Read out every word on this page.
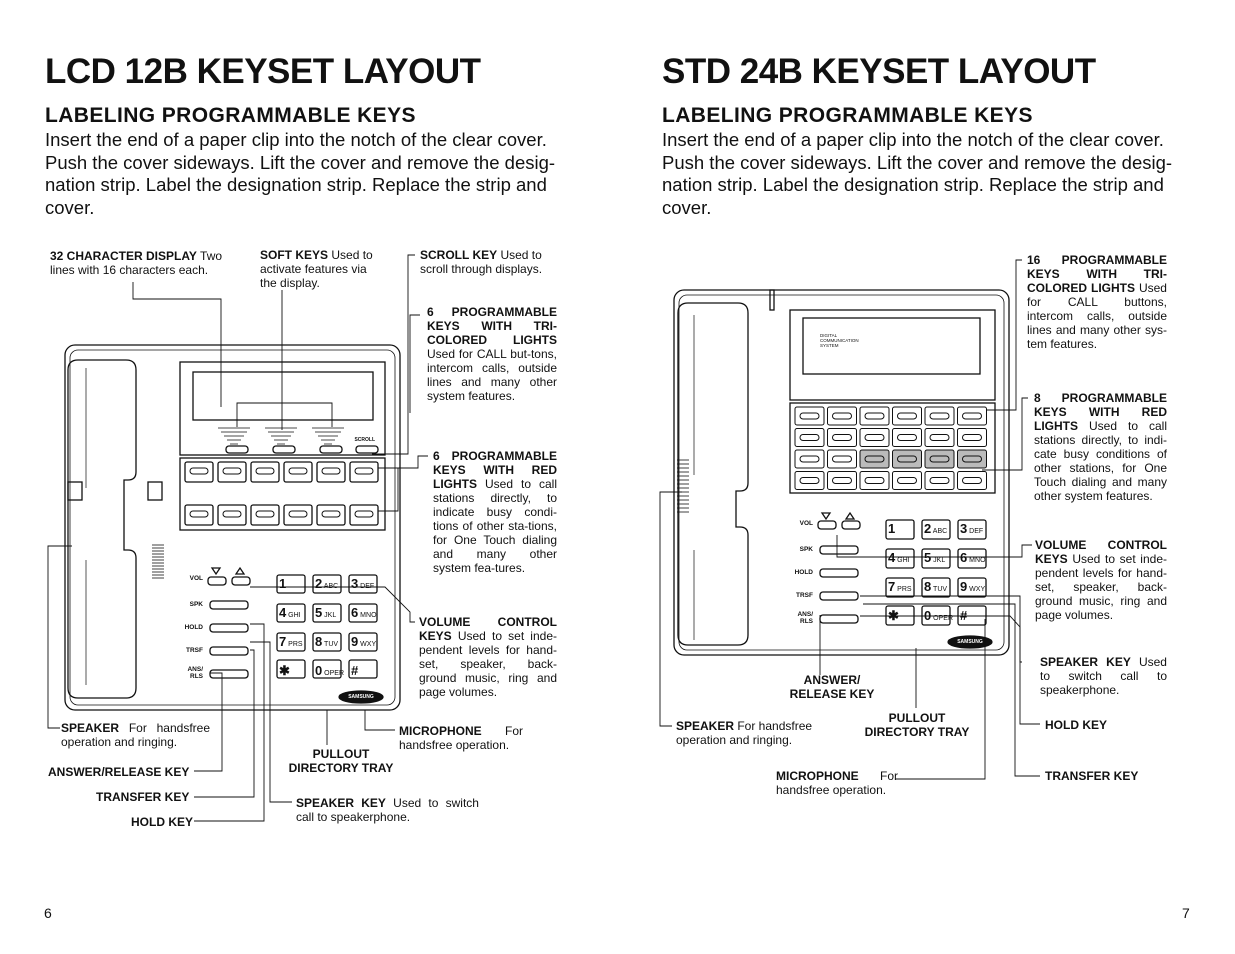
LCD 12B KEYSET LAYOUT
LABELING PROGRAMMABLE KEYS

Insert the end of a paper clip into the notch of the clear cover. Push the cover sideways. Lift the cover and remove the desig-nation strip. Label the designation strip. Replace the strip and cover.

VOL
SPK
HOLD
TRSF
ANS/ RLS
SCROLL
SAMSUNG
1 2 ABC 3 DEF
4 GHI 5 JKL 6 MNO
7 PRS 8 TUV 9 WXY
✱ 0 OPER #
32 CHARACTER DISPLAY Two lines with 16 characters each.
SOFT KEYS Used to activate features via the display.
SCROLL KEY Used to scroll through displays.
6 PROGRAMMABLE KEYS WITH TRI-COLORED LIGHTS Used for CALL but-tons, intercom calls, outside lines and many other system features.
6 PROGRAMMABLE KEYS WITH RED LIGHTS Used to call stations directly, to indicate busy condi-tions of other sta-tions, for One Touch dialing and many other system fea-tures.
VOLUME CONTROL KEYS Used to set inde-pendent levels for hand-set, speaker, back-ground music, ring and page volumes.
SPEAKER For handsfree operation and ringing.
MICROPHONE For handsfree operation.
PULLOUT DIRECTORY TRAY
SPEAKER KEY Used to switch call to speakerphone.
ANSWER/RELEASE KEY
TRANSFER KEY
HOLD KEY
6
STD 24B KEYSET LAYOUT
LABELING PROGRAMMABLE KEYS

Insert the end of a paper clip into the notch of the clear cover. Push the cover sideways. Lift the cover and remove the desig-nation strip. Label the designation strip. Replace the strip and cover.

VOL
SPK
HOLD
TRSF
ANS/ RLS
DIGITAL COMMUNICATION SYSTEM
SAMSUNG
1 2 ABC 3 DEF
4 GHI 5 JKL 6 MNO
7 PRS 8 TUV 9 WXY
✱ 0 OPER #
16 PROGRAMMABLE KEYS WITH TRI-COLORED LIGHTS Used for CALL buttons, intercom calls, outside lines and many other sys-tem features.
8 PROGRAMMABLE KEYS WITH RED LIGHTS Used to call stations directly, to indi-cate busy conditions of other stations, for One Touch dialing and many other system features.
VOLUME CONTROL KEYS Used to set inde-pendent levels for hand-set, speaker, back-ground music, ring and page volumes.
SPEAKER KEY Used to switch call to speakerphone.
HOLD KEY
TRANSFER KEY
ANSWER/ RELEASE KEY
PULLOUT DIRECTORY TRAY
SPEAKER For handsfree operation and ringing.
MICROPHONE For handsfree operation.
7
